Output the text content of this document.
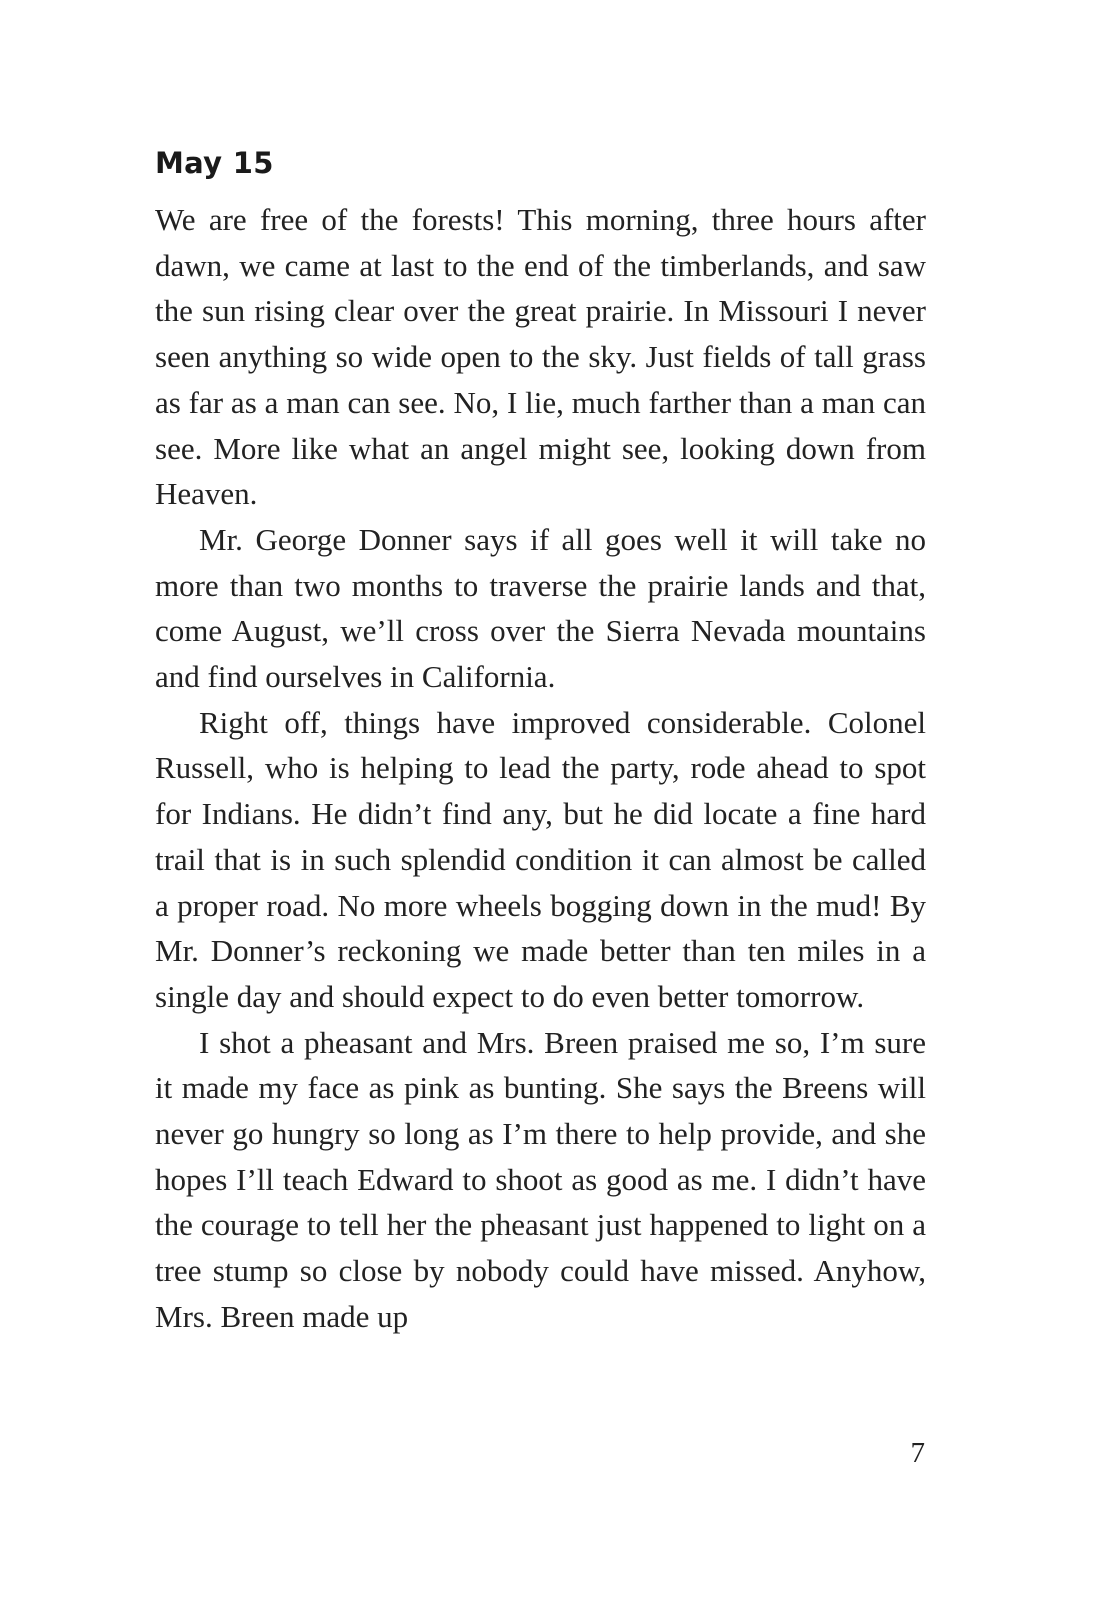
May 15

We are free of the forests! This morning, three hours after dawn, we came at last to the end of the timberlands, and saw the sun rising clear over the great prairie. In Missouri I never seen anything so wide open to the sky. Just fields of tall grass as far as a man can see. No, I lie, much farther than a man can see. More like what an angel might see, looking down from Heaven.

Mr. George Donner says if all goes well it will take no more than two months to traverse the prairie lands and that, come August, we’ll cross over the Sierra Nevada mountains and find ourselves in California.

Right off, things have improved considerable. Colonel Russell, who is helping to lead the party, rode ahead to spot for Indians. He didn’t find any, but he did locate a fine hard trail that is in such splendid condition it can almost be called a proper road. No more wheels bogging down in the mud! By Mr. Donner’s reckoning we made better than ten miles in a single day and should expect to do even better tomorrow.

I shot a pheasant and Mrs. Breen praised me so, I’m sure it made my face as pink as bunting. She says the Breens will never go hungry so long as I’m there to help provide, and she hopes I’ll teach Edward to shoot as good as me. I didn’t have the courage to tell her the pheasant just happened to light on a tree stump so close by nobody could have missed. Anyhow, Mrs. Breen made up

7
